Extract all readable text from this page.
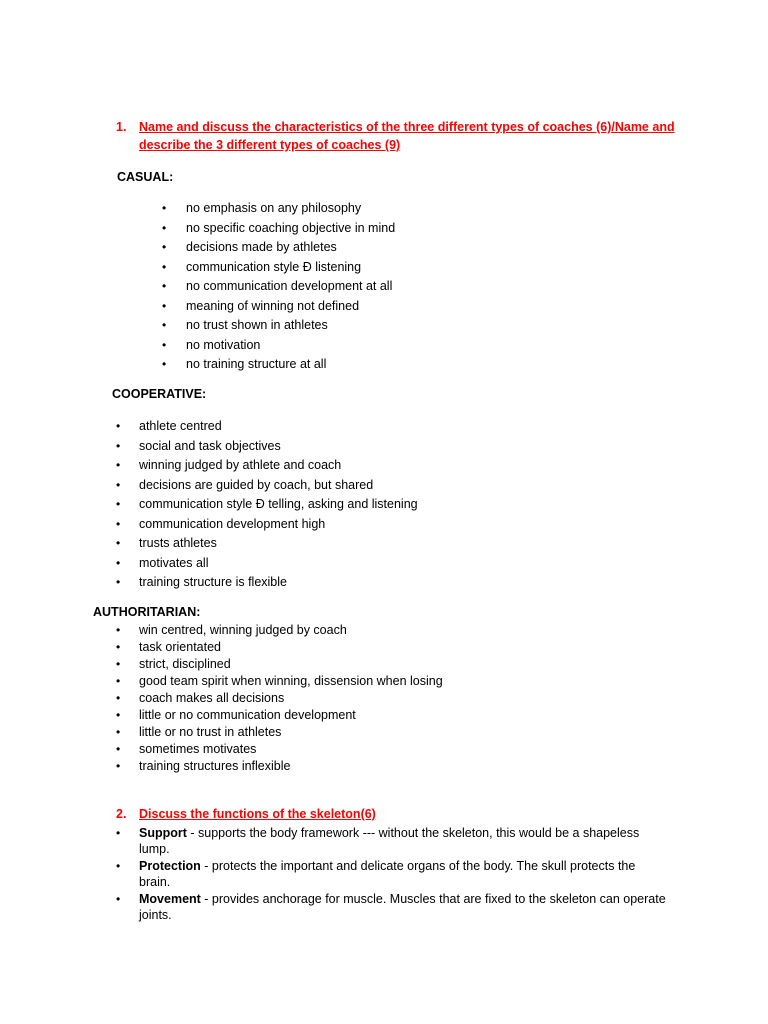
1. Name and discuss the characteristics of the three different types of coaches (6)/Name and
describe the 3 different types of coaches (9)
CASUAL:
• no emphasis on any philosophy
• no specific coaching objective in mind
• decisions made by athletes
• communication style Ð listening
• no communication development at all
• meaning of winning not defined
• no trust shown in athletes
• no motivation
• no training structure at all
COOPERATIVE:
• athlete centred
• social and task objectives
• winning judged by athlete and coach
• decisions are guided by coach, but shared
• communication style Ð telling, asking and listening
• communication development high
• trusts athletes
• motivates all
• training structure is flexible
AUTHORITARIAN:
• win centred, winning judged by coach
• task orientated
• strict, disciplined
• good team spirit when winning, dissension when losing
• coach makes all decisions
• little or no communication development
• little or no trust in athletes
• sometimes motivates
• training structures inflexible
2. Discuss the functions of the skeleton(6)
• Support - supports the body framework --- without the skeleton, this would be a shapeless lump.
• Protection - protects the important and delicate organs of the body. The skull protects the brain.
• Movement - provides anchorage for muscle. Muscles that are fixed to the skeleton can operate joints.
